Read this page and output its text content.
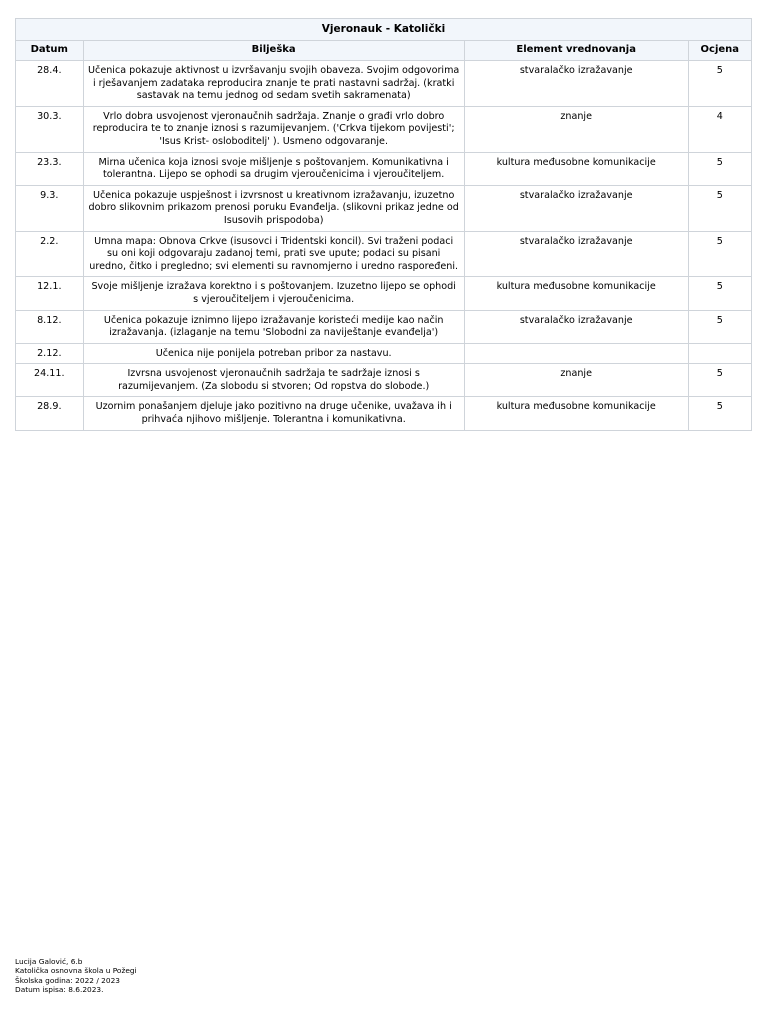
Vjeronauk - Katolički			
Datum	Bilješka	Element vrednovanja	Ocjena
28.4.	Učenica pokazuje aktivnost u izvršavanju svojih obaveza. Svojim odgovorima i rješavanjem zadataka reproducira znanje te prati nastavni sadržaj. (kratki sastavak na temu jednog od sedam svetih sakramenata)	stvaralačko izražavanje	5
30.3.	Vrlo dobra usvojenost vjeronaučnih sadržaja. Znanje o građi vrlo dobro reproducira te to znanje iznosi s razumijevanjem. ('Crkva tijekom povijesti'; 'Isus Krist- osloboditelj' ). Usmeno odgovaranje.	znanje	4
23.3.	Mirna učenica koja iznosi svoje mišljenje s poštovanjem. Komunikativna i tolerantna. Lijepo se ophodi sa drugim vjeroučenicima i vjeroučiteljem.	kultura međusobne komunikacije	5
9.3.	Učenica pokazuje uspješnost i izvrsnost u kreativnom izražavanju, izuzetno dobro slikovnim prikazom prenosi poruku Evanđelja. (slikovni prikaz jedne od Isusovih prispodoba)	stvaralačko izražavanje	5
2.2.	Umna mapa: Obnova Crkve (isusovci i Tridentski koncil). Svi traženi podaci su oni koji odgovaraju zadanoj temi, prati sve upute; podaci su pisani uredno, čitko i pregledno; svi elementi su ravnomjerno i uredno raspoređeni.	stvaralačko izražavanje	5
12.1.	Svoje mišljenje izražava korektno i s poštovanjem. Izuzetno lijepo se ophodi s vjeroučiteljem i vjeroučenicima.	kultura međusobne komunikacije	5
8.12.	Učenica pokazuje iznimno lijepo izražavanje koristeći medije kao način izražavanja. (izlaganje na temu 'Slobodni za naviještanje evanđelja')	stvaralačko izražavanje	5
2.12.	Učenica nije ponijela potreban pribor za nastavu.		
24.11.	Izvrsna usvojenost vjeronaučnih sadržaja te sadržaje iznosi s razumijevanjem. (Za slobodu si stvoren; Od ropstva do slobode.)	znanje	5
28.9.	Uzornim ponašanjem djeluje jako pozitivno na druge učenike, uvažava ih i prihvaća njihovo mišljenje. Tolerantna i komunikativna.	kultura međusobne komunikacije	5
Lucija Galović, 6.b
Katolička osnovna škola u Požegi
Školska godina: 2022 / 2023
Datum ispisa: 8.6.2023.
